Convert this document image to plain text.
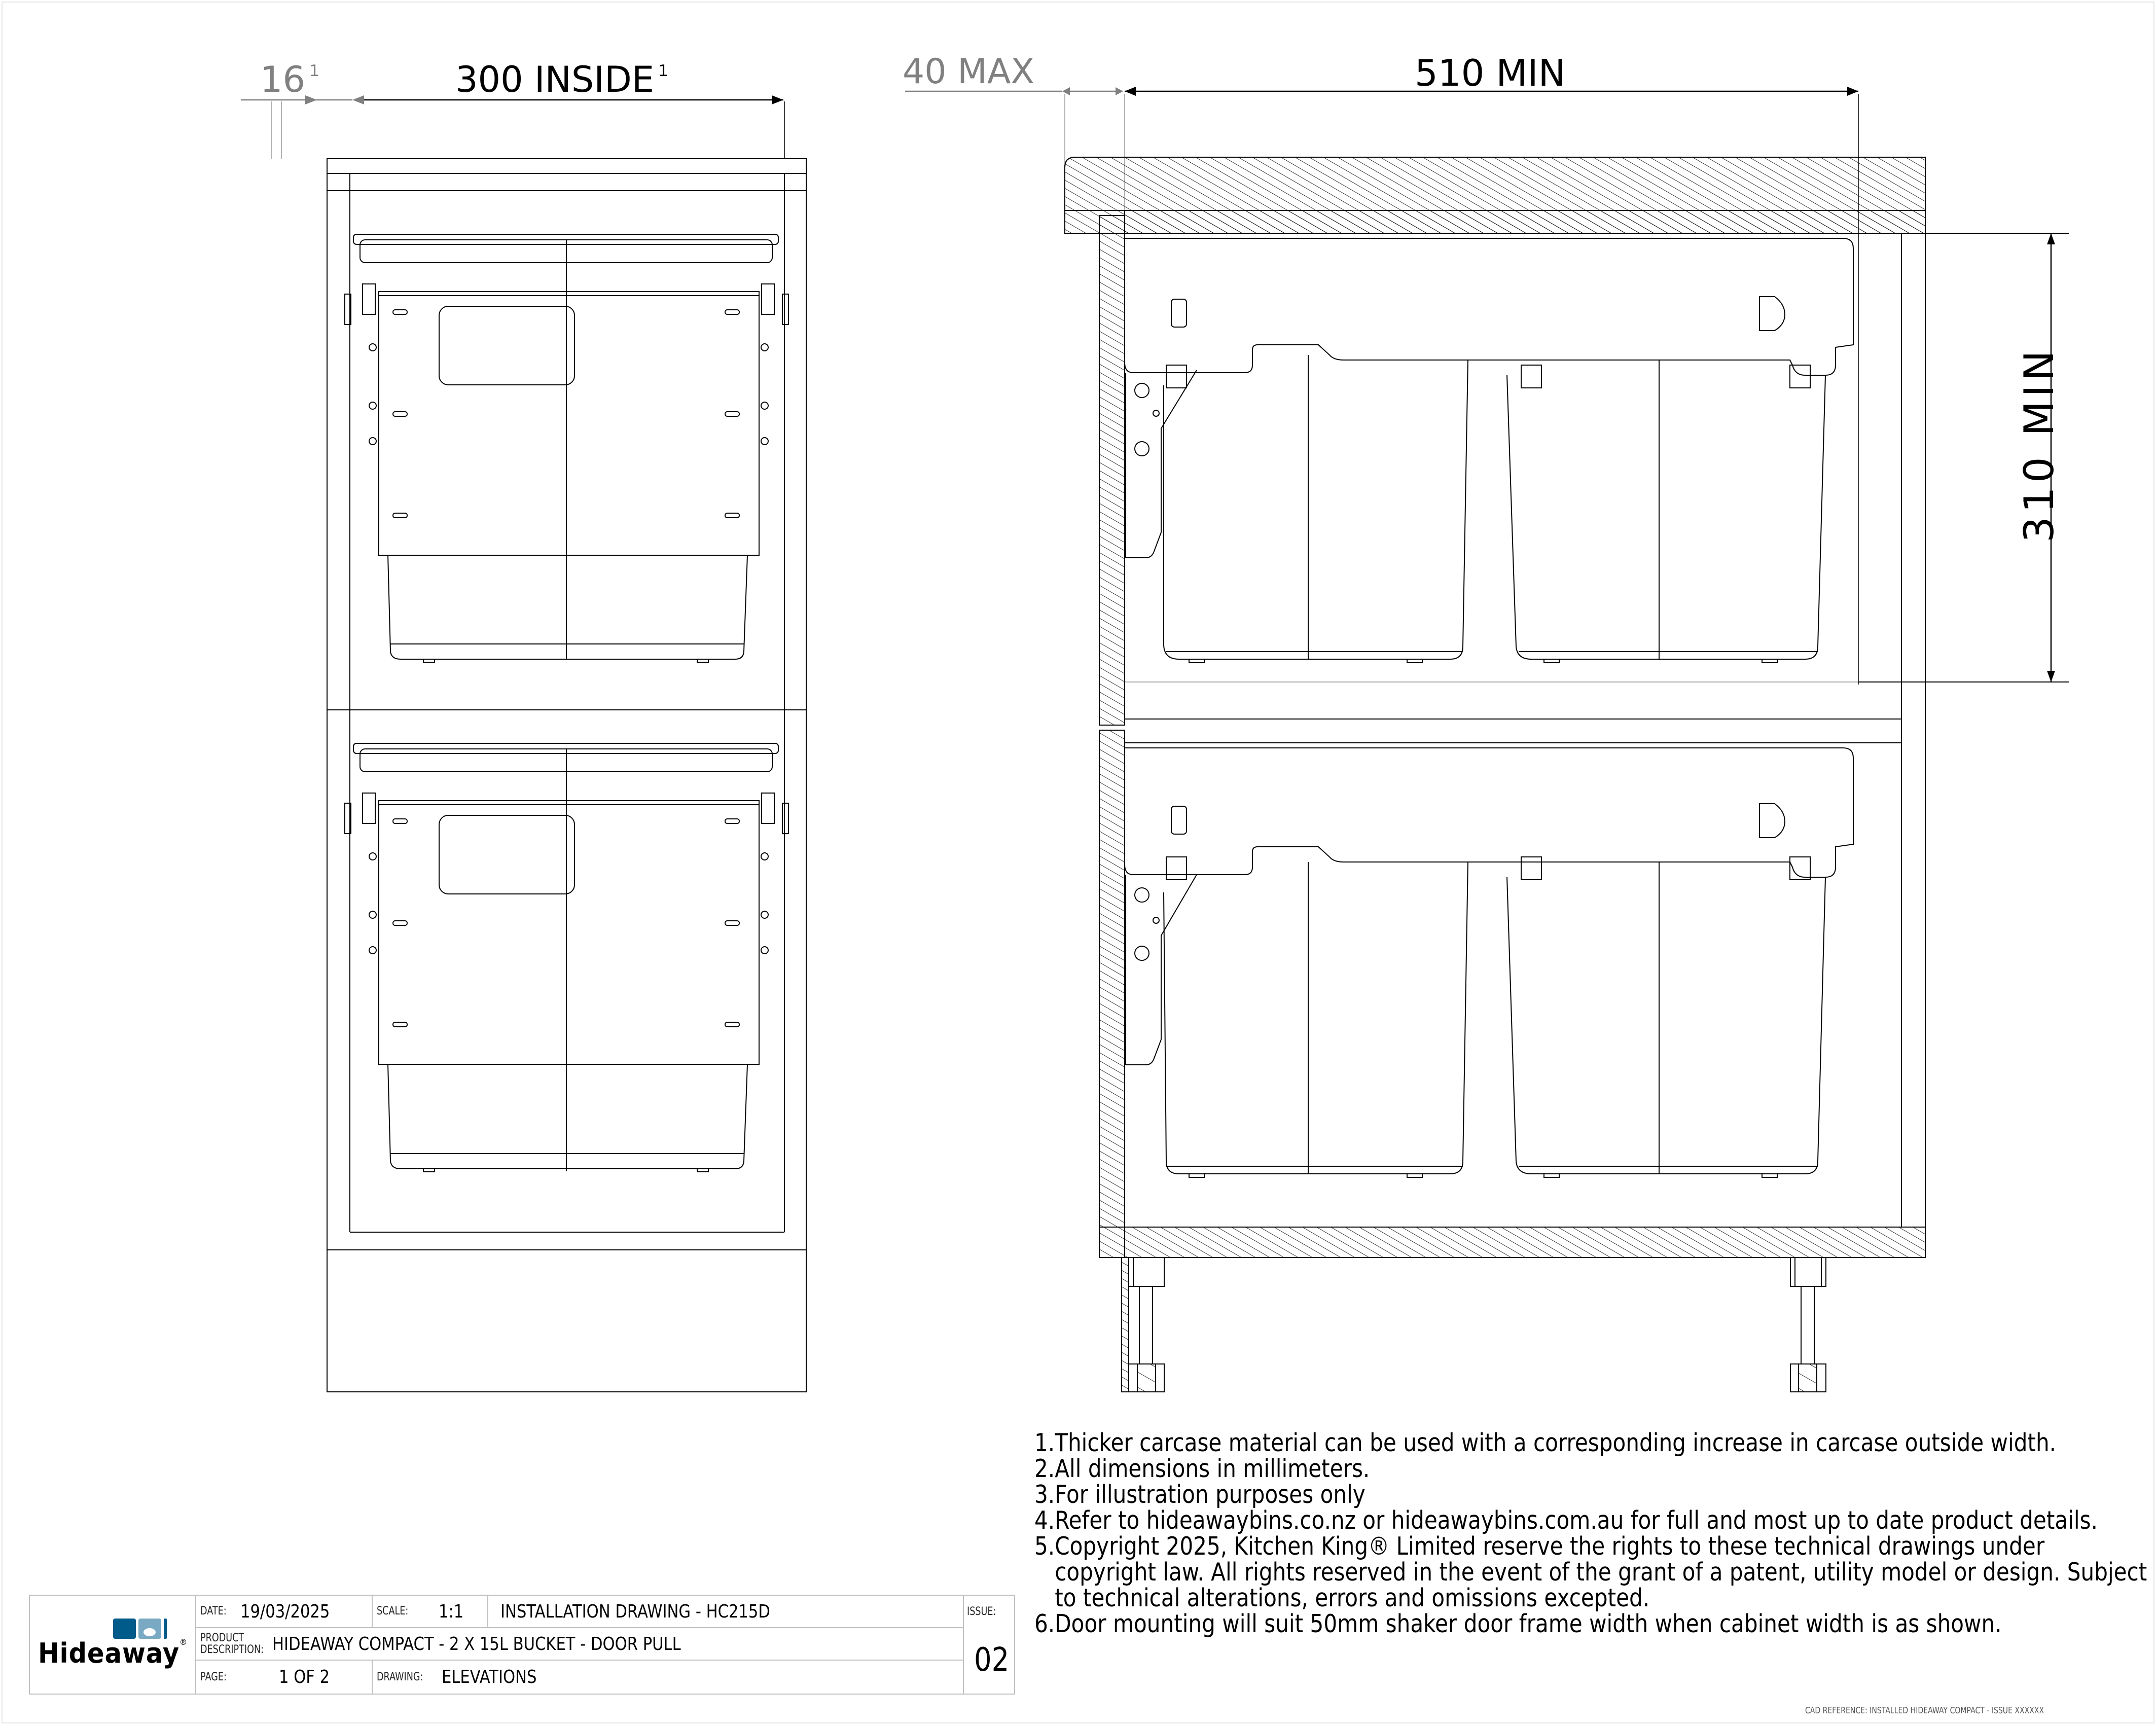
16 $^1$	300 INSIDE $^1$	40 MAX	510 MIN
310 MIN
1. Thicker carcase material can be used with a corresponding increase in carcase outside width.
2. All dimensions in millimeters.
3. For illustration purposes only
4. Refer to hideawaybins.co.nz or hideawaybins.com.au for full and most up to date product details.
5. Copyright 2025, Kitchen King® Limited reserve the rights to these technical drawings under copyright law. All rights reserved in the event of the grant of a patent, utility model or design. Subject to technical alterations, errors and omissions excepted.
6. Door mounting will suit 50mm shaker door frame width when cabinet width is as shown.
Hideaway®
DATE: 19/03/2025	SCALE: 1:1 INSTALLATION DRAWING - HC215D
PRODUCT
DESCRIPTION: HIDEAWAY COMPACT - 2 X 15L BUCKET - DOOR PULL
PAGE:	1 OF 2	DRAWING: ELEVATIONS
ISSUE:
02
CAD REFERENCE: INSTALLED HIDEAWAY COMPACT - ISSUE XXXXXX
